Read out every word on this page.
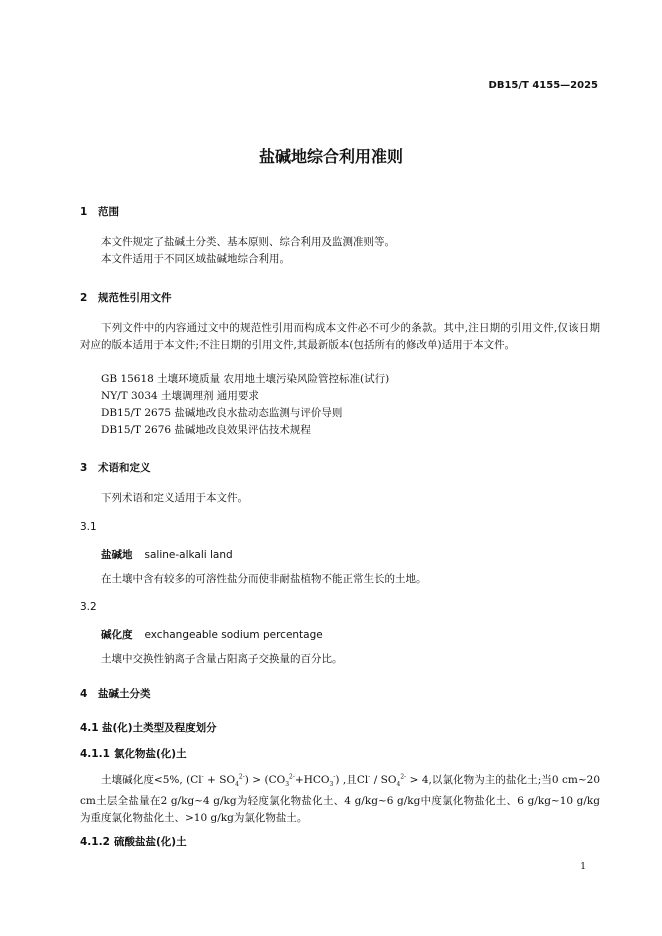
DB15/T 4155—2025
盐碱地综合利用准则
1 范围
本文件规定了盐碱土分类、基本原则、综合利用及监测准则等。
本文件适用于不同区域盐碱地综合利用。
2 规范性引用文件
下列文件中的内容通过文中的规范性引用而构成本文件必不可少的条款。其中,注日期的引用文件,仅该日期对应的版本适用于本文件;不注日期的引用文件,其最新版本(包括所有的修改单)适用于本文件。
GB 15618 土壤环境质量 农用地土壤污染风险管控标准(试行)
NY/T 3034 土壤调理剂 通用要求
DB15/T 2675 盐碱地改良水盐动态监测与评价导则
DB15/T 2676 盐碱地改良效果评估技术规程
3 术语和定义
下列术语和定义适用于本文件。
3.1
盐碱地 saline-alkali land
在土壤中含有较多的可溶性盐分而使非耐盐植物不能正常生长的土地。
3.2
碱化度 exchangeable sodium percentage
土壤中交换性钠离子含量占阳离子交换量的百分比。
4 盐碱土分类
4.1 盐(化)土类型及程度划分
4.1.1 氯化物盐(化)土
土壤碱化度<5%, $(Cl^- + SO_4^{2-}) > (CO_3^{2-}+HCO_3^-)$ ,且$Cl^- / SO_4^{2-} > 4$,以氯化物为主的盐化土;当0 cm~20 cm土层全盐量在2 g/kg~4 g/kg为轻度氯化物盐化土、4 g/kg~6 g/kg中度氯化物盐化土、6 g/kg~10 g/kg为重度氯化物盐化土、>10 g/kg为氯化物盐土。
4.1.2 硫酸盐盐(化)土
1
